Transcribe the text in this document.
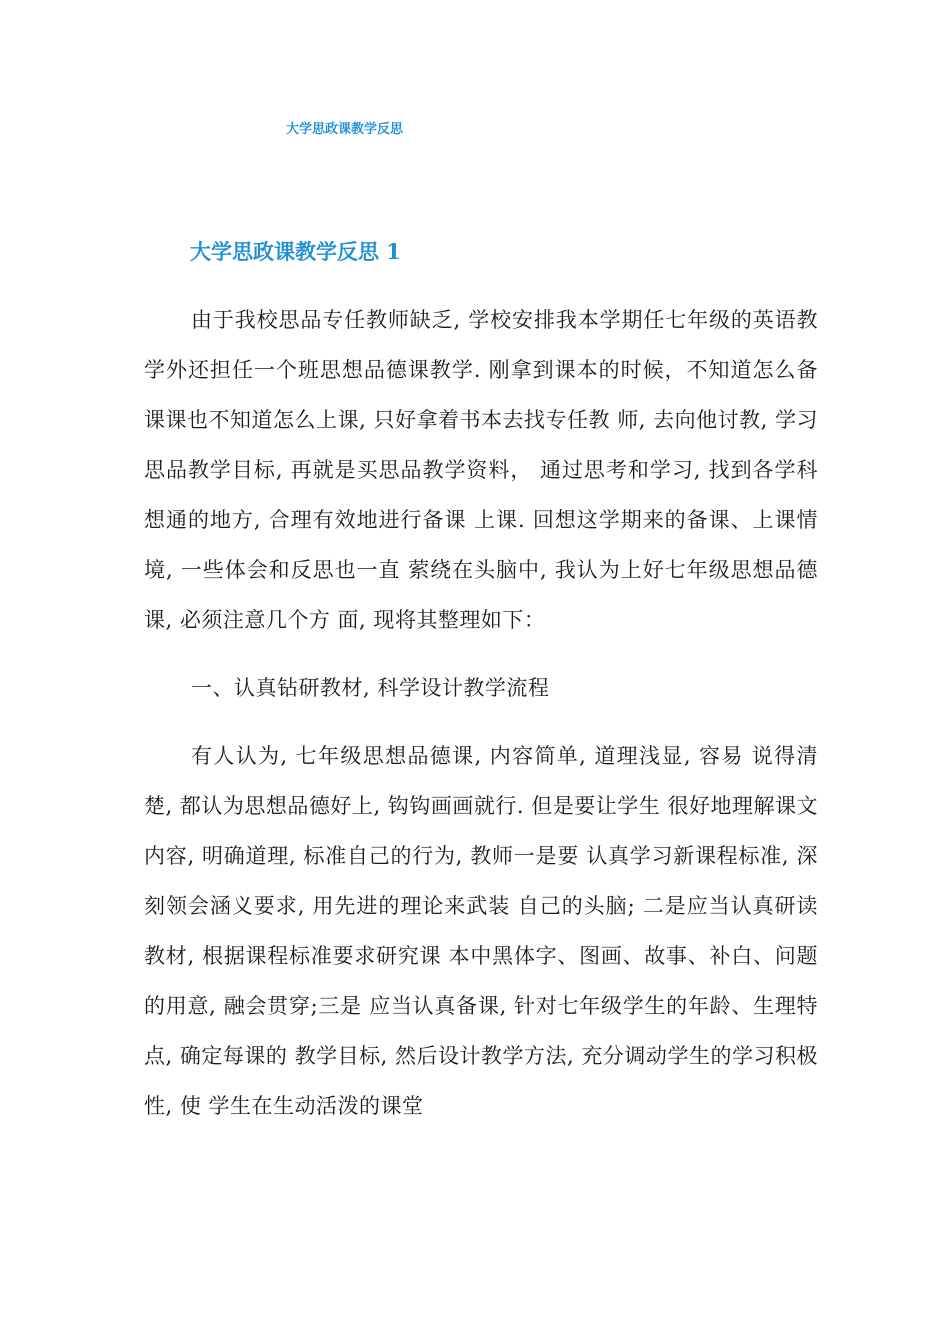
大学思政课教学反思
大学思政课教学反思 1

由于我校思品专任教师缺乏, 学校安排我本学期任七年级的英语教学外还担任一个班思想品德课教学. 刚拿到课本的时候，不知道怎么备课课也不知道怎么上课, 只好拿着书本去找专任教 师, 去向他讨教, 学习思品教学目标, 再就是买思品教学资料， 通过思考和学习, 找到各学科想通的地方, 合理有效地进行备课 上课. 回想这学期来的备课、上课情境, 一些体会和反思也一直 萦绕在头脑中, 我认为上好七年级思想品德课, 必须注意几个方 面, 现将其整理如下：

一、认真钻研教材, 科学设计教学流程

有人认为, 七年级思想品德课, 内容简单, 道理浅显, 容易 说得清楚, 都认为思想品德好上, 钩钩画画就行. 但是要让学生 很好地理解课文内容, 明确道理, 标准自己的行为, 教师一是要 认真学习新课程标准, 深刻领会涵义要求, 用先进的理论来武装 自己的头脑; 二是应当认真研读教材, 根据课程标准要求研究课 本中黑体字、图画、故事、补白、问题的用意, 融会贯穿;三是 应当认真备课, 针对七年级学生的年龄、生理特点, 确定每课的 教学目标, 然后设计教学方法, 充分调动学生的学习积极性, 使 学生在生动活泼的课堂
